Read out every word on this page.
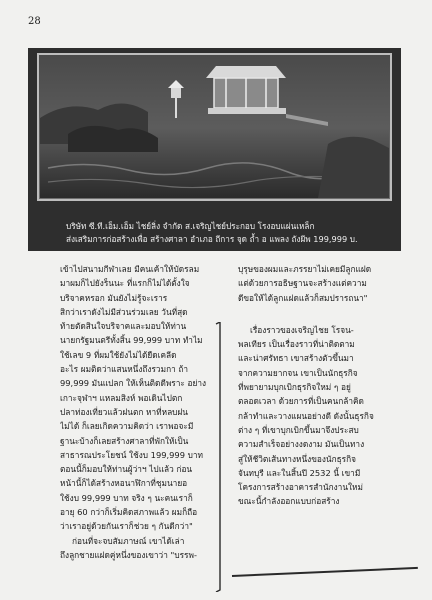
28
บริษัท ซี.ที.เอ็ม.เอ็ม ไชย์ลิ่ง จำกัด ส.เจริญไชย์ประกอบ โรงอบแผ่นเหล็ก
ส่งเสริมการก่อสร้างเพื่อ สร้างศาลา อำเภอ ถีการ จุด ถ้ำ อ แพลง ถังผีพ 199,999 บ.

เข้าไปสนามกีฬาเลย มีคนเค้าให้บัดรลม

มาผมก็ไปยังร็นนะ ที่แรกก็ไม่ได้ตั้งใจ

บริจาคหรอก มันยังไม่รู้จะเราร

สิกว่าเราดังไม่มีส่วนร่วมเลย วันที่สุด

ท้ายตัดสินใจบริจาคและมอบให้ท่าน

นายกรัฐมนตรีทั้งสิ้น 99,999 บาท ทำไม

ใช้เลข 9 ที่ผมใช้ยังไม่ได้ยืดเคลีด

อะไร ผมติดว่าแสนหนึ่งถึงรวมกา ถ้า

99,999 มันแปลก ให้เห็นติดดีพราะ อย่าง

เกาะจุฬาฯ แหลมสิงห์ พอเดินไปตก

ปลาท่องเที่ยวแล้วฝนตก หาที่หลบฝน

ไม่ได้ ก็เลยเกิดความคิดว่า เราพอจะมี

ฐานะบ้างก็เลยสร้างศาลาที่พักให้เป็น

สาธารณประโยชน์ ใช้งบ 199,999 บาท

ตอนนี้ก็มอบให้ท่านผู้ว่าฯ ไปแล้ว ก่อน

หน้านี้ก็ได้สร้างหอนาฬิกาที่ชุมนายอ

ใช้งบ 99,999 บาท จริง ๆ นะคนเราก็

อายุ 60 กว่าก็เริ่มคิดสภาพแล้ว ผมก็ถือ

ว่าเราอยู่ด้วยกันเราก็ช่วย ๆ กันดีกว่า"

ก่อนที่จะจบสัมภาษณ์ เขาได้เล่า

ถึงลูกชายแฝดคู่หนึ่งของเขาว่า "บรรพ-

บุรุษของผมและภรรยาไม่เคยมีลูกแฝด

แต่ด้วยการอธิษฐานจะสร้างแต่ความ

ดีขอให้ได้ลูกแฝดแล้วก็สมปรารถนา"

เรื่องราวของเจริญไชย โรจน-

พลเทียร เป็นเรื่องราวที่น่าติดตาม

และน่าศรัทธา เขาสร้างตัวขึ้นมา

จากความยากจน เขาเป็นนักธุรกิจ

ที่พยายามบุกเบิกธุรกิจใหม่ ๆ อยู่

ตลอดเวลา ด้วยการที่เป็นคนกล้าคิด

กล้าทำและวางแผนอย่างดี ดังนั้นธุรกิจ

ต่าง ๆ ที่เขาบุกเบิกขึ้นมาจึงประสบ

ความสำเร็จอย่างงดงาม มันเป็นทาง

สู่ให้ชีวิตเส้นทางหนึ่งของนักธุรกิจ

จันทบุรี และในสิ้นปี 2532 นี้ เขามี

โครงการสร้างอาคารสำนักงานใหม่

ขณะนี้กำลังออกแบบก่อสร้าง
